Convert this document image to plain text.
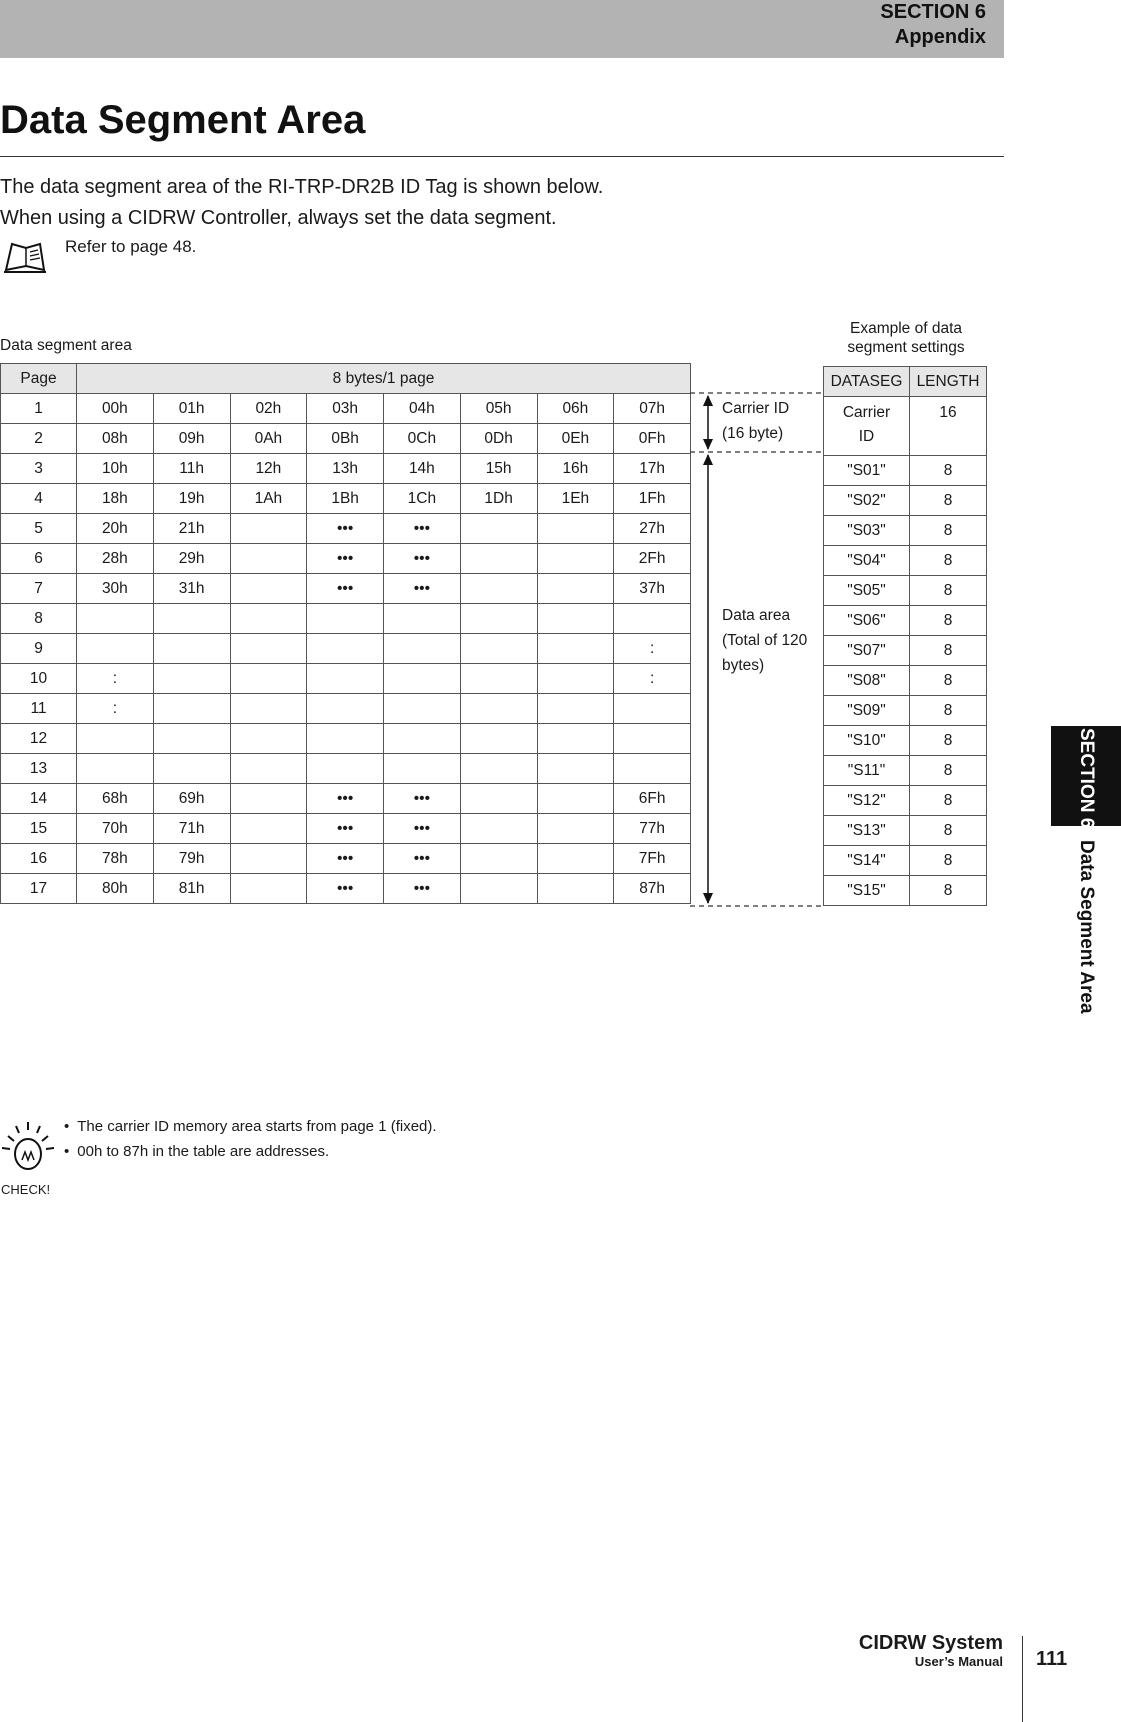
SECTION 6
Appendix
Data Segment Area

The data segment area of the RI-TRP-DR2B ID Tag is shown below.

When using a CIDRW Controller, always set the data segment.

Refer to page 48.
Data segment area
Example of data
segment settings
Page	8 bytes/1 page							
1	00h	01h	02h	03h	04h	05h	06h	07h
2	08h	09h	0Ah	0Bh	0Ch	0Dh	0Eh	0Fh
3	10h	11h	12h	13h	14h	15h	16h	17h
4	18h	19h	1Ah	1Bh	1Ch	1Dh	1Eh	1Fh
5	20h	21h		•••	•••			27h
6	28h	29h		•••	•••			2Fh
7	30h	31h		•••	•••			37h
8								
9								:
10	:							:
11	:							
12								
13								
14	68h	69h		•••	•••			6Fh
15	70h	71h		•••	•••			77h
16	78h	79h		•••	•••			7Fh
17	80h	81h		•••	•••			87h
Carrier ID
(16 byte)
Data area
(Total of 120
bytes)
DATASEG	LENGTH

Carrier
ID	16
"S01"	8
"S02"	8
"S03"	8
"S04"	8
"S05"	8
"S06"	8
"S07"	8
"S08"	8
"S09"	8
"S10"	8
"S11"	8
"S12"	8
"S13"	8
"S14"	8
"S15"	8
SECTION 6
Data Segment Area
CHECK!
• The carrier ID memory area starts from page 1 (fixed).
• 00h to 87h in the table are addresses.
CIDRW System
User’s Manual 111
